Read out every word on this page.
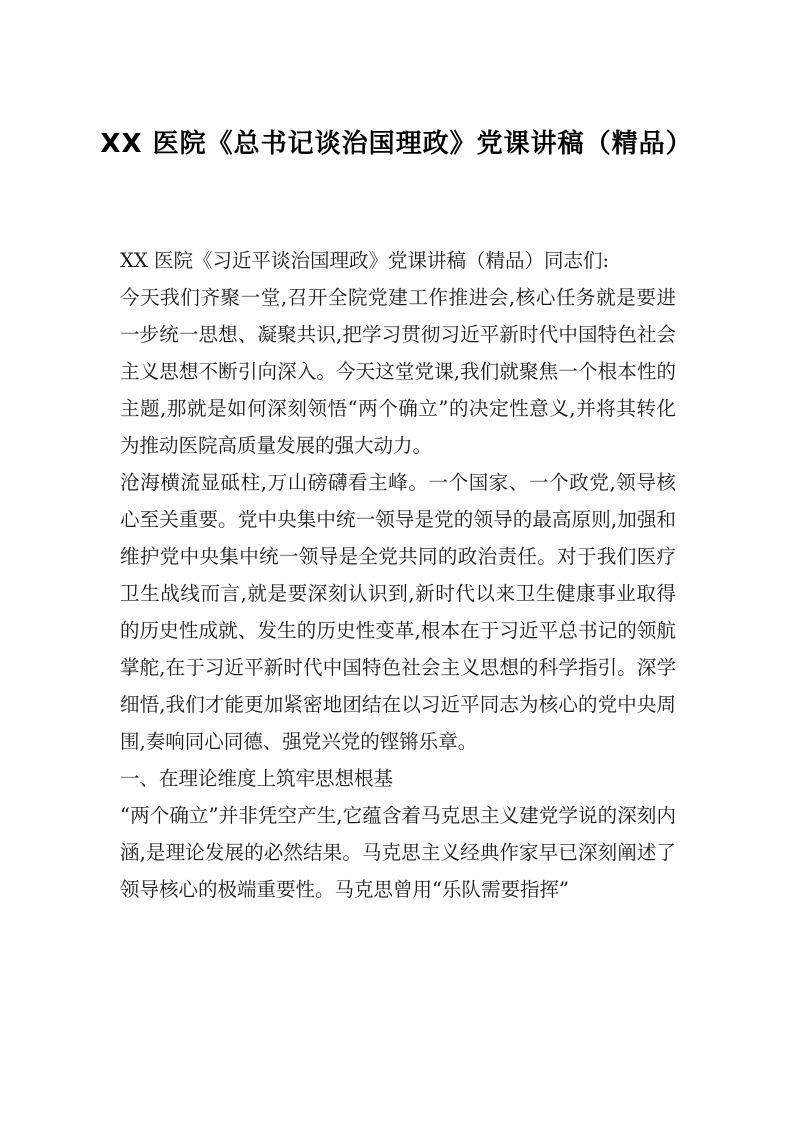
XX 医院《总书记谈治国理政》党课讲稿（精品）

XX 医院《习近平谈治国理政》党课讲稿（精品）同志们:

今天我们齐聚一堂,召开全院党建工作推进会,核心任务就是要进一步统一思想、凝聚共识,把学习贯彻习近平新时代中国特色社会主义思想不断引向深入。今天这堂党课,我们就聚焦一个根本性的主题,那就是如何深刻领悟“两个确立”的决定性意义,并将其转化为推动医院高质量发展的强大动力。

沧海横流显砥柱,万山磅礴看主峰。一个国家、一个政党,领导核心至关重要。党中央集中统一领导是党的领导的最高原则,加强和维护党中央集中统一领导是全党共同的政治责任。对于我们医疗卫生战线而言,就是要深刻认识到,新时代以来卫生健康事业取得的历史性成就、发生的历史性变革,根本在于习近平总书记的领航掌舵,在于习近平新时代中国特色社会主义思想的科学指引。深学细悟,我们才能更加紧密地团结在以习近平同志为核心的党中央周围,奏响同心同德、强党兴党的铿锵乐章。

一、在理论维度上筑牢思想根基

“两个确立”并非凭空产生,它蕴含着马克思主义建党学说的深刻内涵,是理论发展的必然结果。马克思主义经典作家早已深刻阐述了领导核心的极端重要性。马克思曾用“乐队需要指挥”
